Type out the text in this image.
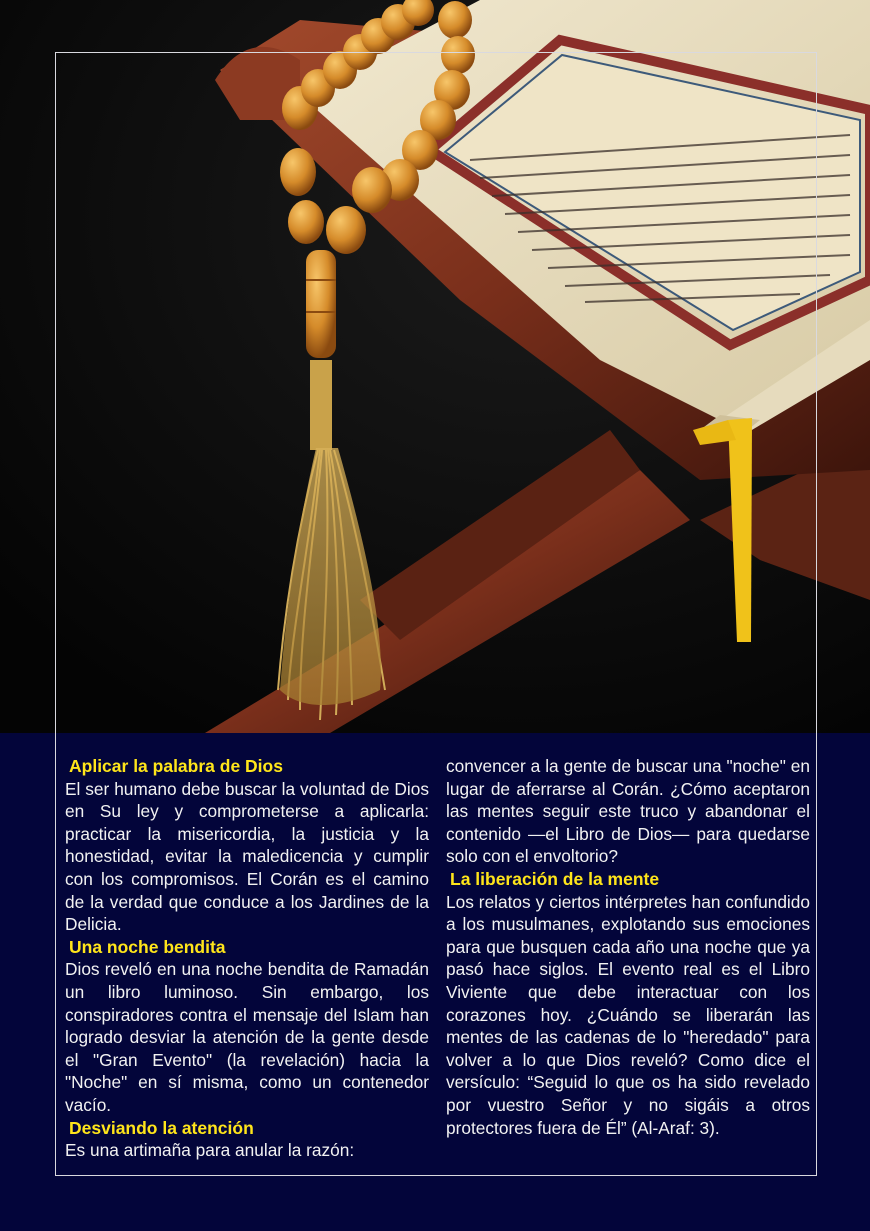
Aplicar la palabra de Dios

El ser humano debe buscar la voluntad de Dios en Su ley y comprometerse a aplicarla: practicar la misericordia, la justicia y la honestidad, evitar la maledicencia y cumplir con los compromisos. El Corán es el camino de la verdad que conduce a los Jardines de la Delicia.

Una noche bendita

Dios reveló en una noche bendita de Ramadán un libro luminoso. Sin embargo, los conspiradores contra el mensaje del Islam han logrado desviar la atención de la gente desde el "Gran Evento" (la revelación) hacia la "Noche" en sí misma, como un contenedor vacío.

Desviando la atención

Es una artimaña para anular la razón:

convencer a la gente de buscar una "noche" en lugar de aferrarse al Corán. ¿Cómo aceptaron las mentes seguir este truco y abandonar el contenido —el Libro de Dios— para quedarse solo con el envoltorio?

La liberación de la mente

Los relatos y ciertos intérpretes han confundido a los musulmanes, explotando sus emociones para que busquen cada año una noche que ya pasó hace siglos. El evento real es el Libro Viviente que debe interactuar con los corazones hoy. ¿Cuándo se liberarán las mentes de las cadenas de lo "heredado" para volver a lo que Dios reveló? Como dice el versículo: “Seguid lo que os ha sido revelado por vuestro Señor y no sigáis a otros protectores fuera de Él” (Al-Araf: 3).
